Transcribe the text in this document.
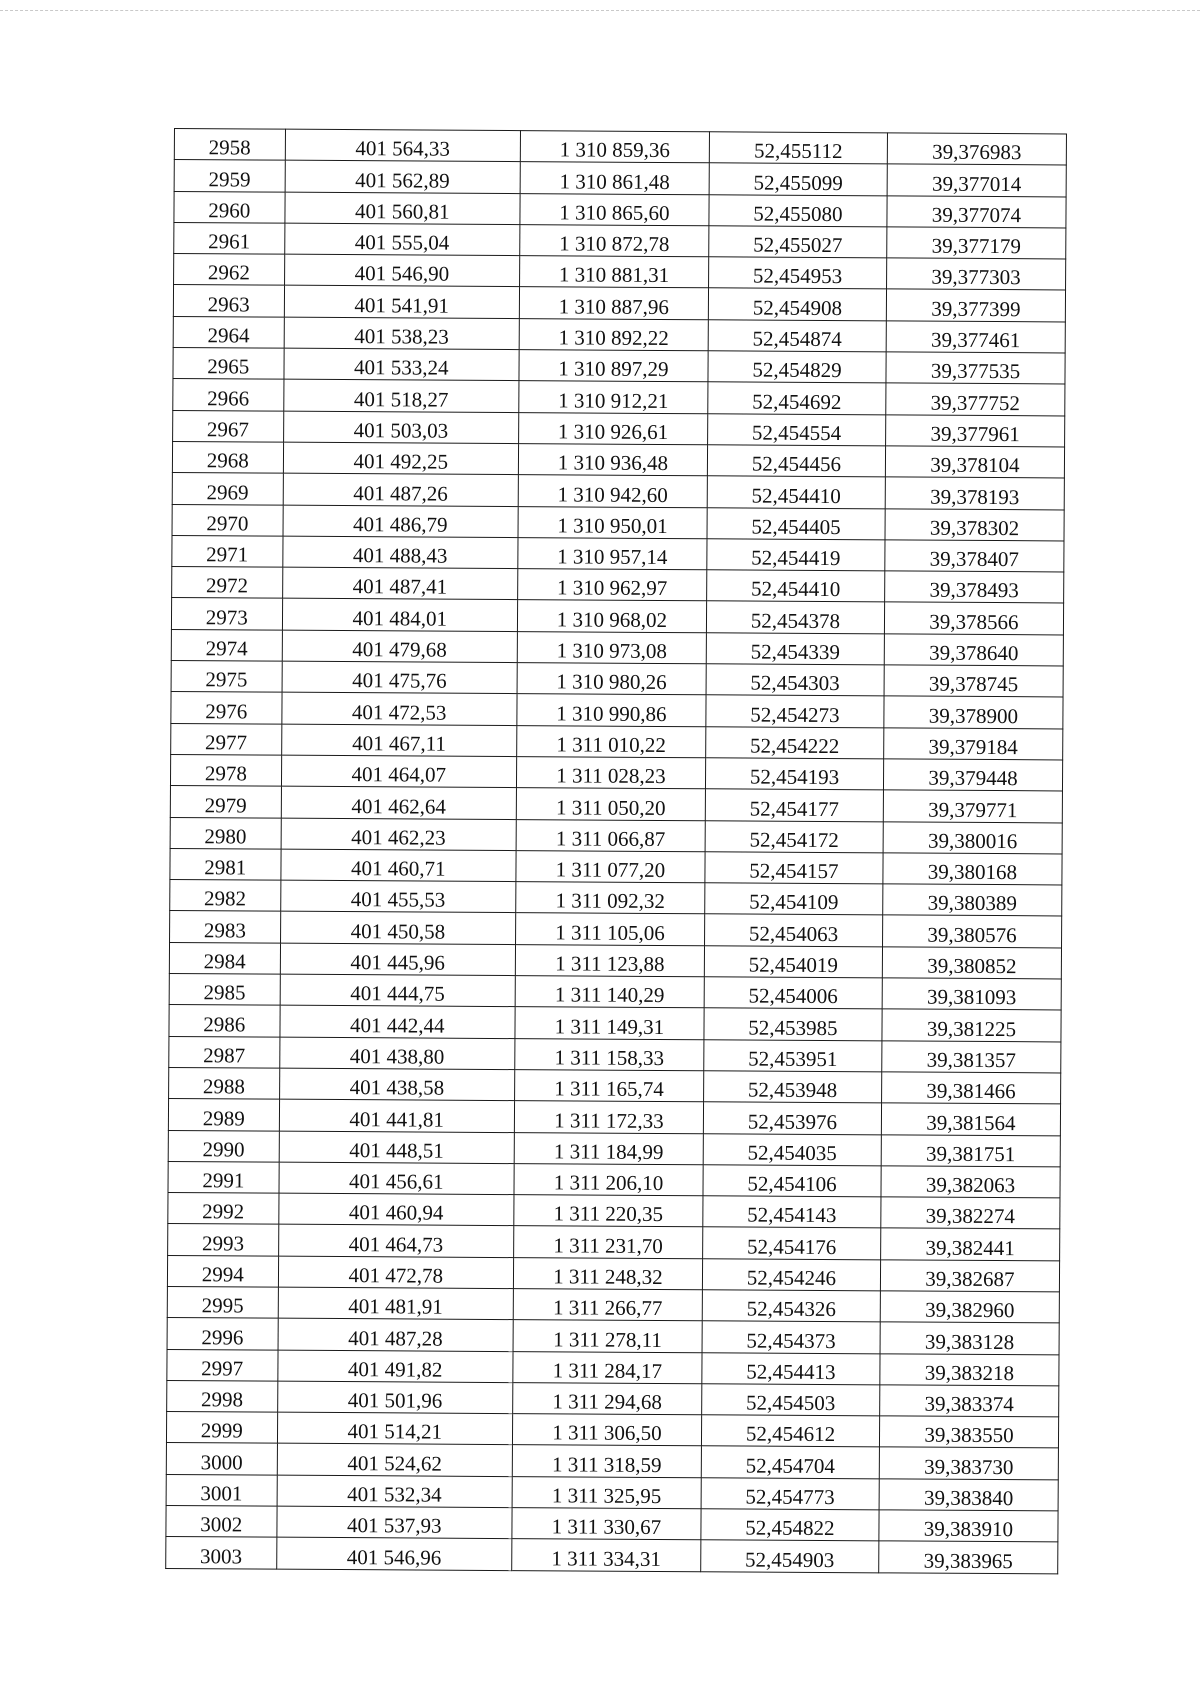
2958	401 564,33	1 310 859,36	52,455112	39,376983
2959	401 562,89	1 310 861,48	52,455099	39,377014
2960	401 560,81	1 310 865,60	52,455080	39,377074
2961	401 555,04	1 310 872,78	52,455027	39,377179
2962	401 546,90	1 310 881,31	52,454953	39,377303
2963	401 541,91	1 310 887,96	52,454908	39,377399
2964	401 538,23	1 310 892,22	52,454874	39,377461
2965	401 533,24	1 310 897,29	52,454829	39,377535
2966	401 518,27	1 310 912,21	52,454692	39,377752
2967	401 503,03	1 310 926,61	52,454554	39,377961
2968	401 492,25	1 310 936,48	52,454456	39,378104
2969	401 487,26	1 310 942,60	52,454410	39,378193
2970	401 486,79	1 310 950,01	52,454405	39,378302
2971	401 488,43	1 310 957,14	52,454419	39,378407
2972	401 487,41	1 310 962,97	52,454410	39,378493
2973	401 484,01	1 310 968,02	52,454378	39,378566
2974	401 479,68	1 310 973,08	52,454339	39,378640
2975	401 475,76	1 310 980,26	52,454303	39,378745
2976	401 472,53	1 310 990,86	52,454273	39,378900
2977	401 467,11	1 311 010,22	52,454222	39,379184
2978	401 464,07	1 311 028,23	52,454193	39,379448
2979	401 462,64	1 311 050,20	52,454177	39,379771
2980	401 462,23	1 311 066,87	52,454172	39,380016
2981	401 460,71	1 311 077,20	52,454157	39,380168
2982	401 455,53	1 311 092,32	52,454109	39,380389
2983	401 450,58	1 311 105,06	52,454063	39,380576
2984	401 445,96	1 311 123,88	52,454019	39,380852
2985	401 444,75	1 311 140,29	52,454006	39,381093
2986	401 442,44	1 311 149,31	52,453985	39,381225
2987	401 438,80	1 311 158,33	52,453951	39,381357
2988	401 438,58	1 311 165,74	52,453948	39,381466
2989	401 441,81	1 311 172,33	52,453976	39,381564
2990	401 448,51	1 311 184,99	52,454035	39,381751
2991	401 456,61	1 311 206,10	52,454106	39,382063
2992	401 460,94	1 311 220,35	52,454143	39,382274
2993	401 464,73	1 311 231,70	52,454176	39,382441
2994	401 472,78	1 311 248,32	52,454246	39,382687
2995	401 481,91	1 311 266,77	52,454326	39,382960
2996	401 487,28	1 311 278,11	52,454373	39,383128
2997	401 491,82	1 311 284,17	52,454413	39,383218
2998	401 501,96	1 311 294,68	52,454503	39,383374
2999	401 514,21	1 311 306,50	52,454612	39,383550
3000	401 524,62	1 311 318,59	52,454704	39,383730
3001	401 532,34	1 311 325,95	52,454773	39,383840
3002	401 537,93	1 311 330,67	52,454822	39,383910
3003	401 546,96	1 311 334,31	52,454903	39,383965
